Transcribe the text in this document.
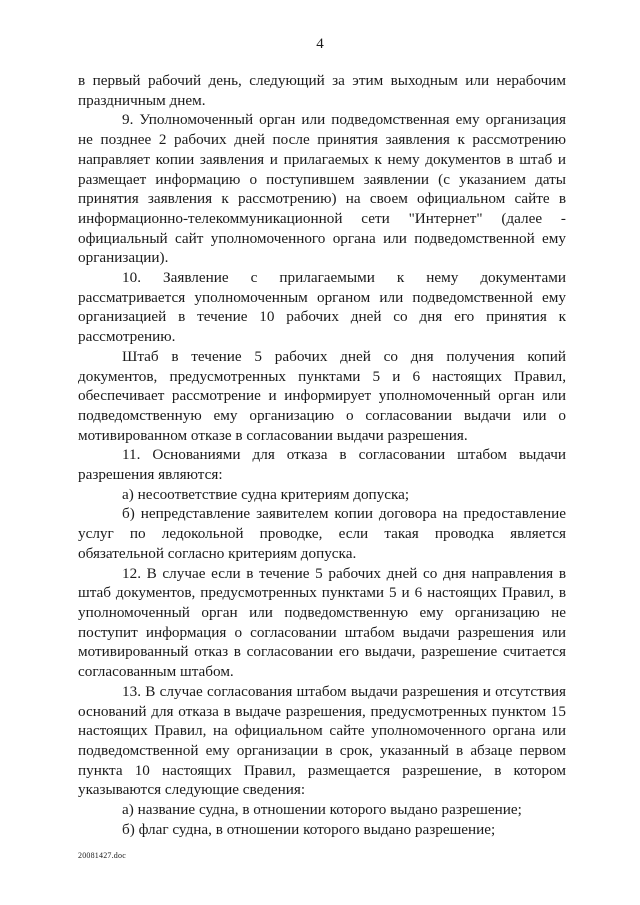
4

в первый рабочий день, следующий за этим выходным или нерабочим праздничным днем.

9. Уполномоченный орган или подведомственная ему организация не позднее 2 рабочих дней после принятия заявления к рассмотрению направляет копии заявления и прилагаемых к нему документов в штаб и размещает информацию о поступившем заявлении (с указанием даты принятия заявления к рассмотрению) на своем официальном сайте в информационно-телекоммуникационной сети "Интернет" (далее - официальный сайт уполномоченного органа или подведомственной ему организации).

10. Заявление с прилагаемыми к нему документами рассматривается уполномоченным органом или подведомственной ему организацией в течение 10 рабочих дней со дня его принятия к рассмотрению.

Штаб в течение 5 рабочих дней со дня получения копий документов, предусмотренных пунктами 5 и 6 настоящих Правил, обеспечивает рассмотрение и информирует уполномоченный орган или подведомственную ему организацию о согласовании выдачи или о мотивированном отказе в согласовании выдачи разрешения.

11. Основаниями для отказа в согласовании штабом выдачи разрешения являются:

а) несоответствие судна критериям допуска;

б) непредставление заявителем копии договора на предоставление услуг по ледокольной проводке, если такая проводка является обязательной согласно критериям допуска.

12. В случае если в течение 5 рабочих дней со дня направления в штаб документов, предусмотренных пунктами 5 и 6 настоящих Правил, в уполномоченный орган или подведомственную ему организацию не поступит информация о согласовании штабом выдачи разрешения или мотивированный отказ в согласовании его выдачи, разрешение считается согласованным штабом.

13. В случае согласования штабом выдачи разрешения и отсутствия оснований для отказа в выдаче разрешения, предусмотренных пунктом 15 настоящих Правил, на официальном сайте уполномоченного органа или подведомственной ему организации в срок, указанный в абзаце первом пункта 10 настоящих Правил, размещается разрешение, в котором указываются следующие сведения:

а) название судна, в отношении которого выдано разрешение;

б) флаг судна, в отношении которого выдано разрешение;

20081427.doc
